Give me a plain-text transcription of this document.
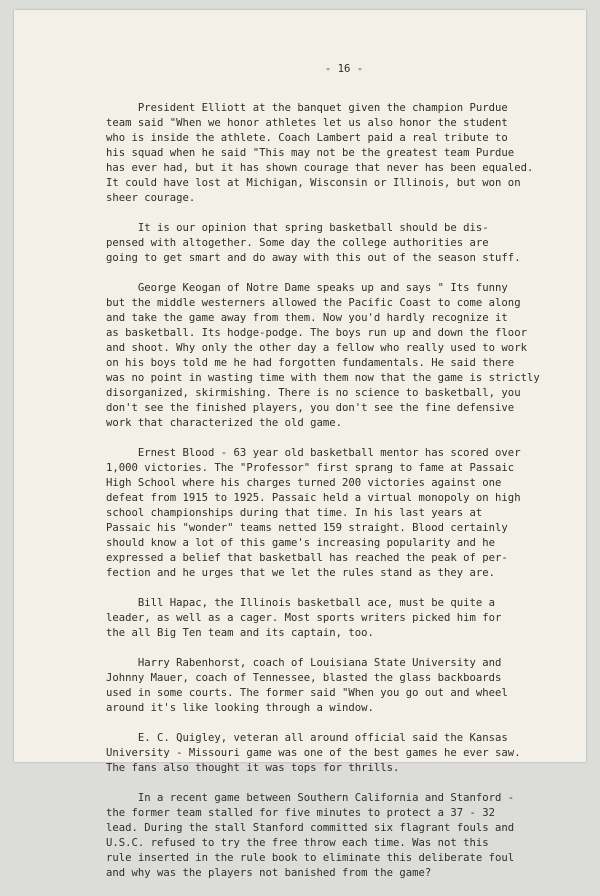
- 16 -
President Elliott at the banquet given the champion Purdue
team said "When we honor athletes let us also honor the student
who is inside the athlete. Coach Lambert paid a real tribute to
his squad when he said "This may not be the greatest team Purdue
has ever had, but it has shown courage that never has been equaled.
It could have lost at Michigan, Wisconsin or Illinois, but won on
sheer courage.
It is our opinion that spring basketball should be dis-
pensed with altogether. Some day the college authorities are
going to get smart and do away with this out of the season stuff.
George Keogan of Notre Dame speaks up and says " Its funny
but the middle westerners allowed the Pacific Coast to come along
and take the game away from them. Now you'd hardly recognize it
as basketball. Its hodge-podge. The boys run up and down the floor
and shoot. Why only the other day a fellow who really used to work
on his boys told me he had forgotten fundamentals. He said there
was no point in wasting time with them now that the game is strictly
disorganized, skirmishing. There is no science to basketball, you
don't see the finished players, you don't see the fine defensive
work that characterized the old game.
Ernest Blood - 63 year old basketball mentor has scored over
1,000 victories. The "Professor" first sprang to fame at Passaic
High School where his charges turned 200 victories against one
defeat from 1915 to 1925. Passaic held a virtual monopoly on high
school championships during that time. In his last years at
Passaic his "wonder" teams netted 159 straight. Blood certainly
should know a lot of this game's increasing popularity and he
expressed a belief that basketball has reached the peak of per-
fection and he urges that we let the rules stand as they are.
Bill Hapac, the Illinois basketball ace, must be quite a
leader, as well as a cager. Most sports writers picked him for
the all Big Ten team and its captain, too.
Harry Rabenhorst, coach of Louisiana State University and
Johnny Mauer, coach of Tennessee, blasted the glass backboards
used in some courts. The former said "When you go out and wheel
around it's like looking through a window.
E. C. Quigley, veteran all around official said the Kansas
University - Missouri game was one of the best games he ever saw.
The fans also thought it was tops for thrills.
In a recent game between Southern California and Stanford -
the former team stalled for five minutes to protect a 37 - 32
lead. During the stall Stanford committed six flagrant fouls and
U.S.C. refused to try the free throw each time. Was not this
rule inserted in the rule book to eliminate this deliberate foul
and why was the players not banished from the game?
